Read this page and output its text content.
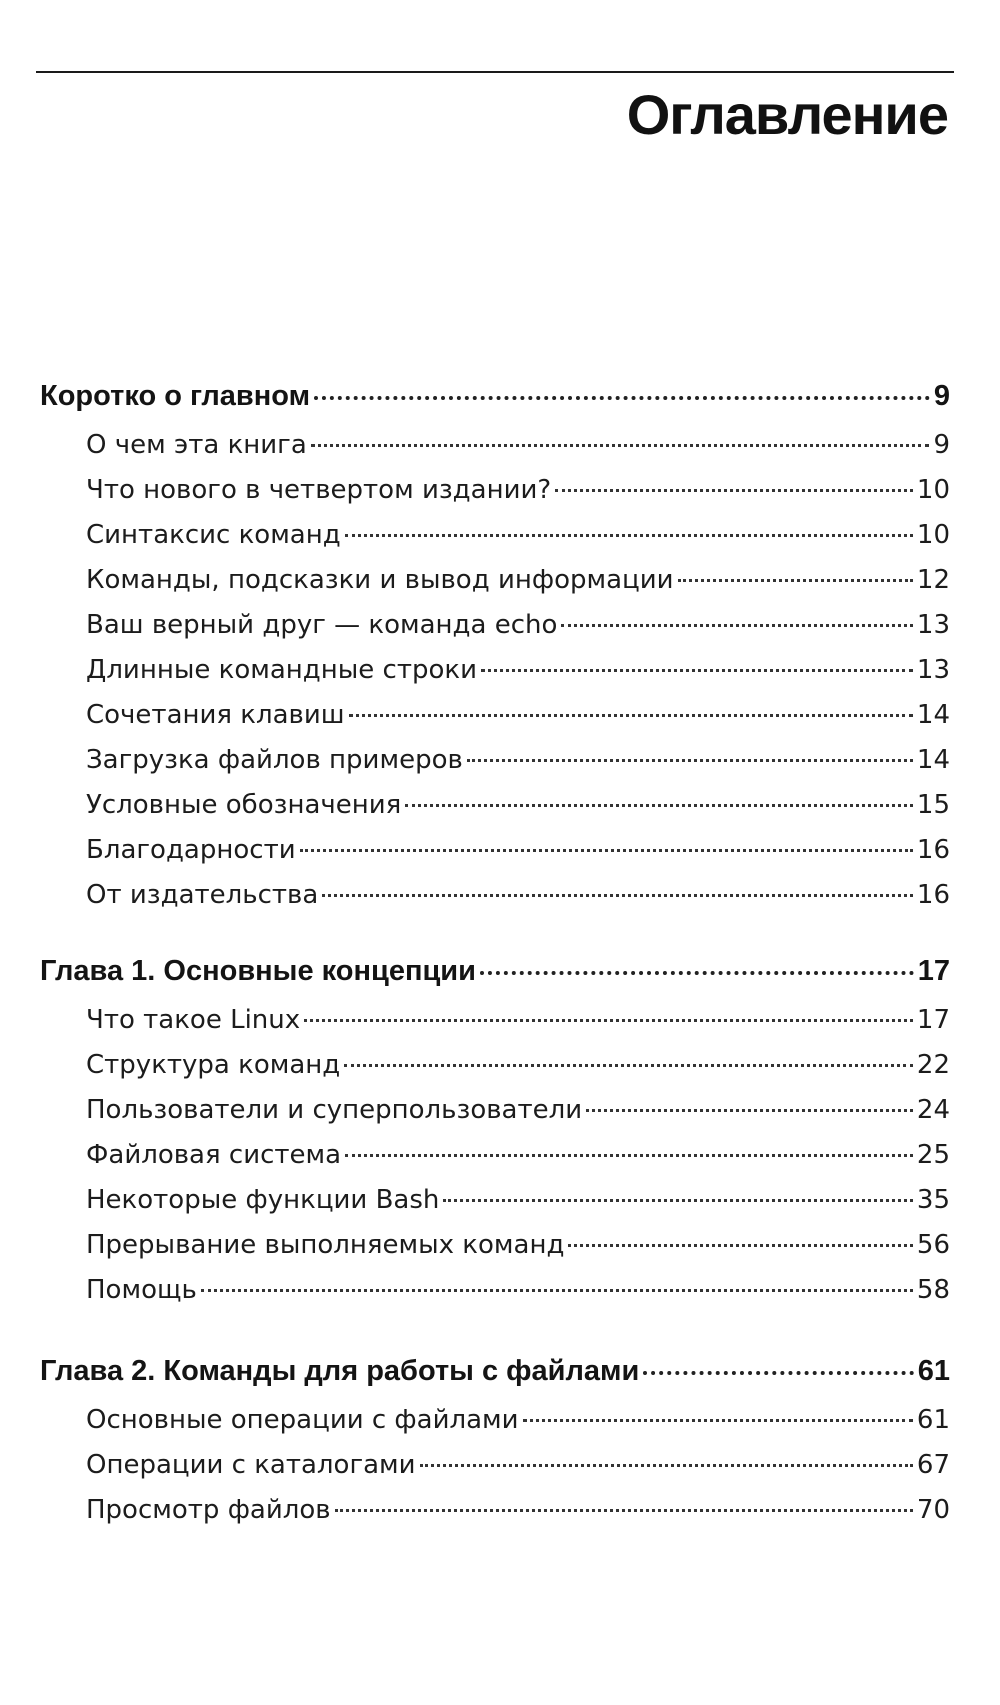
Оглавление
Коротко о главном	9
О чем эта книга	9
Что нового в четвертом издании?	10
Синтаксис команд	10
Команды, подсказки и вывод информации	12
Ваш верный друг — команда echo	13
Длинные командные строки	13
Сочетания клавиш	14
Загрузка файлов примеров	14
Условные обозначения	15
Благодарности	16
От издательства	16
Глава 1. Основные концепции	17
Что такое Linux	17
Структура команд	22
Пользователи и суперпользователи	24
Файловая система	25
Некоторые функции Bash	35
Прерывание выполняемых команд	56
Помощь	58
Глава 2. Команды для работы с файлами	61
Основные операции с файлами	61
Операции с каталогами	67
Просмотр файлов	70
